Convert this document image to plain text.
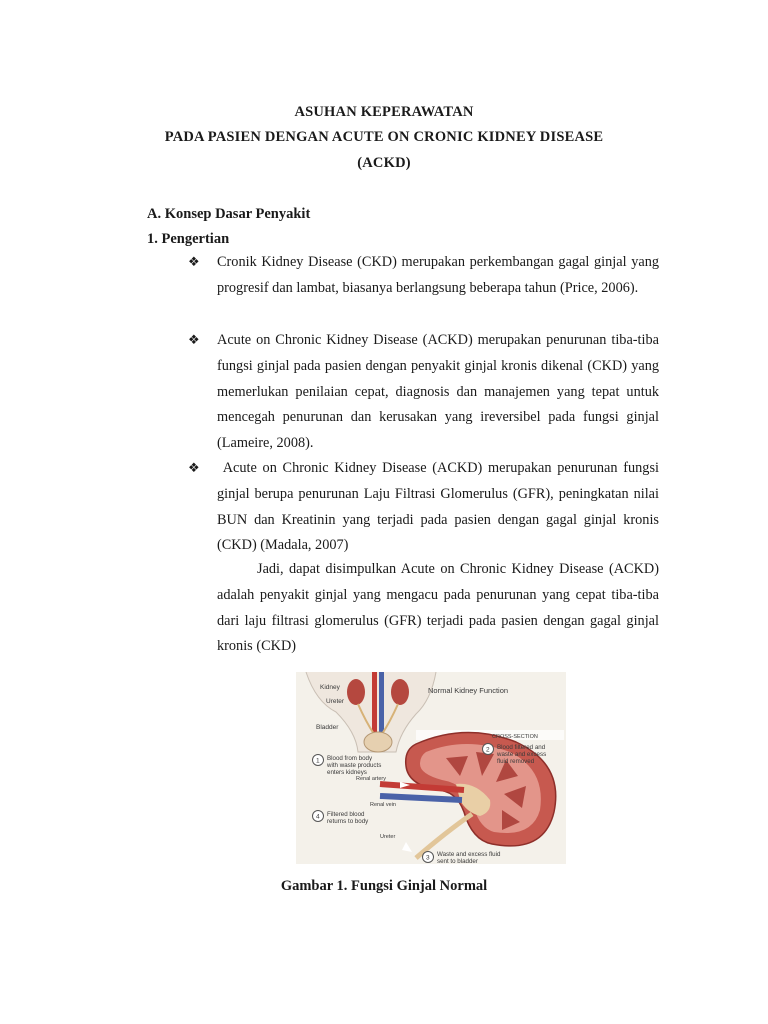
ASUHAN KEPERAWATAN
PADA PASIEN DENGAN ACUTE ON CRONIC KIDNEY DISEASE
(ACKD)
A. Konsep Dasar Penyakit
1. Pengertian
❖ Cronik Kidney Disease (CKD) merupakan perkembangan gagal ginjal yang progresif dan lambat, biasanya berlangsung beberapa tahun (Price, 2006).
❖ Acute on Chronic Kidney Disease (ACKD) merupakan penurunan tiba-tiba fungsi ginjal pada pasien dengan penyakit ginjal kronis dikenal (CKD) yang memerlukan penilaian cepat, diagnosis dan manajemen yang tepat untuk mencegah penurunan dan kerusakan yang ireversibel pada fungsi ginjal (Lameire, 2008).
❖ Acute on Chronic Kidney Disease (ACKD) merupakan penurunan fungsi ginjal berupa penurunan Laju Filtrasi Glomerulus (GFR), peningkatan nilai BUN dan Kreatinin yang terjadi pada pasien dengan gagal ginjal kronis (CKD) (Madala, 2007)
Jadi, dapat disimpulkan Acute on Chronic Kidney Disease (ACKD)  adalah penyakit ginjal yang mengacu pada penurunan yang cepat tiba-tiba dari laju filtrasi glomerulus (GFR) terjadi pada pasien dengan gagal ginjal kronis (CKD)
Kidney
Ureter
Bladder
Normal Kidney Function
CROSS-SECTION
1 Blood from body
with waste products
enters kidneys
2 Blood filtered and
waste and excess
fluid removed
Renal artery
Renal vein
4 Filtered blood
returns to body
Ureter
3 Waste and excess fluid
sent to bladder
Gambar 1. Fungsi Ginjal Normal
